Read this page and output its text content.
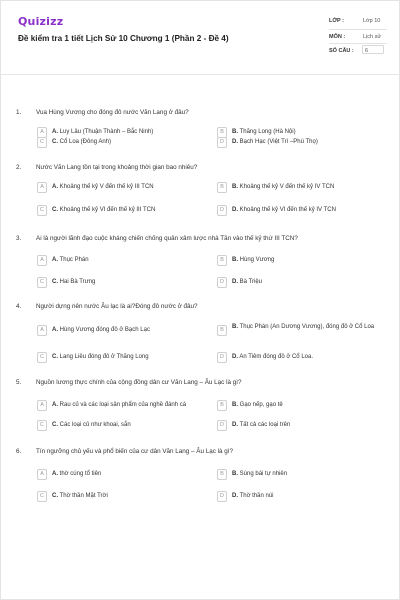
Quizizz
Đề kiểm tra 1 tiết Lịch Sử 10 Chương 1 (Phần 2 - Đề 4)
LỚP :	Lớp 10
MÔN :	Lịch sử
SỐ CÂU : 6
1. Vua Hùng Vương cho đóng đô nước Văn Lang ở đâu?
A	A. Luy Lâu (Thuận Thành – Bắc Ninh)	B	B. Thăng Long (Hà Nội)
C	C. Cổ Loa (Đông Anh)	D	D. Bạch Hạc (Việt Trì –Phú Thọ)
2. Nước Văn Lang tồn tại trong khoảng thời gian bao nhiêu?
A	A. Khoảng thế kỷ V đến thế kỷ III TCN	B	B. Khoảng thế kỷ V đến thế kỷ IV TCN
C	C. Khoảng thế kỷ VI đến thế kỷ III TCN	D	D. Khoảng thế kỷ VI đến thế kỷ IV TCN
3. Ai là người lãnh đạo cuộc kháng chiến chống quân xâm lược nhà Tần vào thế kỷ thứ III TCN?
A	A. Thục Phán	B	B. Hùng Vương
C	C. Hai Bà Trưng	D	D. Bà Triệu
4. Người dựng nên nước Âu lạc là ai?Đóng đô nước ở đâu?
A	A. Hùng Vương đóng đô ở Bạch Lạc	B	B. Thục Phán (An Dương Vương), đóng đô ở Cổ Loa
C	C. Lang Liêu đóng đô ở Thăng Long	D	D. An Tiêm đóng đô ở Cổ Loa.
5. Nguồn lương thực chính của cộng đồng dân cư Văn Lang – Âu Lạc là gì?
A	A. Rau củ và các loại sản phẩm của nghề đánh cá	B	B. Gạo nếp, gạo tẻ
C	C. Các loại củ như khoai, sắn	D	D. Tất cả các loại trên
6. Tín ngưỡng chủ yếu và phổ biến của cư dân Văn Lang – Âu Lạc là gì?
A	A. thờ cúng tổ tiên	B	B. Sùng bái tự nhiên
C	C. Thờ thần Mặt Trời	D	D. Thờ thần núi
